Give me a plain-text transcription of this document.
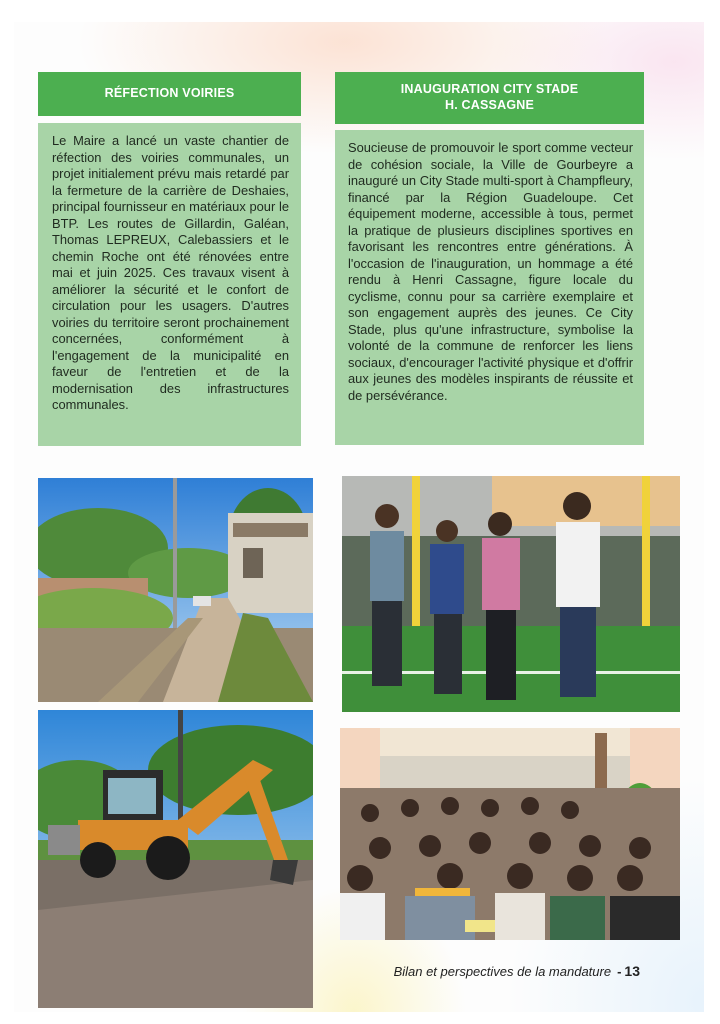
RÉFECTION VOIRIES
Le Maire a lancé un vaste chantier de réfection des voiries communales, un projet initialement prévu mais retardé par la fermeture de la carrière de Deshaies, principal fournisseur en matériaux pour le BTP. Les routes de Gillardin, Galéan, Thomas LEPREUX, Calebassiers et le chemin Roche ont été rénovées entre mai et juin 2025. Ces travaux visent à améliorer la sécurité et le confort de circulation pour les usagers. D'autres voiries du territoire seront prochainement concernées, conformément à l'engagement de la municipalité en faveur de l'entretien et de la modernisation des infrastructures communales.
INAUGURATION CITY STADE
H. CASSAGNE
Soucieuse de promouvoir le sport comme vecteur de cohésion sociale, la Ville de Gourbeyre a inauguré un City Stade multi-sport à Champfleury, financé par la Région Guadeloupe. Cet équipement moderne, accessible à tous, permet la pratique de plusieurs disciplines sportives en favorisant les rencontres entre générations. À l'occasion de l'inauguration, un hommage a été rendu à Henri Cassagne, figure locale du cyclisme, connu pour sa carrière exemplaire et son engagement auprès des jeunes. Ce City Stade, plus qu'une infrastructure, symbolise la volonté de la commune de renforcer les liens sociaux, d'encourager l'activité physique et d'offrir aux jeunes des modèles inspirants de réussite et de persévérance.
Bilan et perspectives de la mandature - 13
